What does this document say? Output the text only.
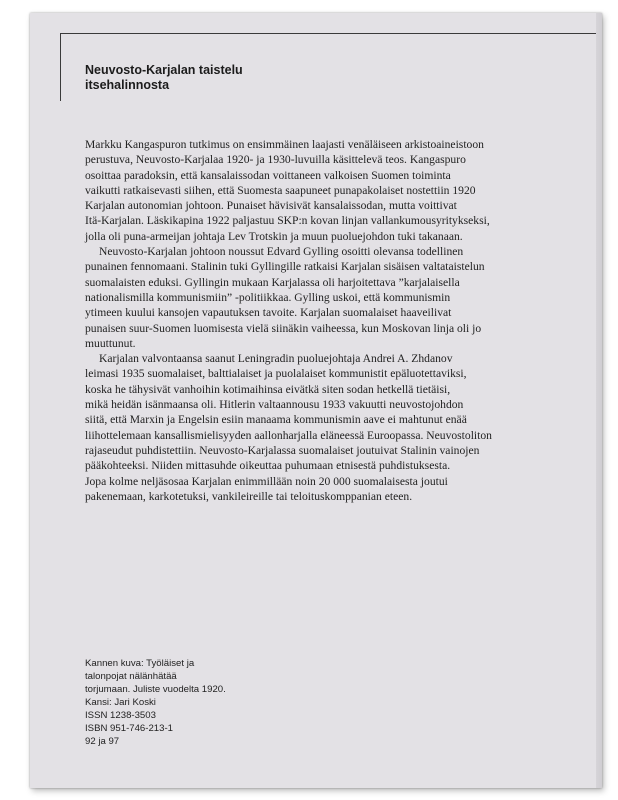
Neuvosto-Karjalan taistelu
itsehalinnosta

Markku Kangaspuron tutkimus on ensimmäinen laajasti venäläiseen arkistoaineistoon
perustuva, Neuvosto-Karjalaa 1920- ja 1930-luvuilla käsittelevä teos. Kangaspuro
osoittaa paradoksin, että kansalaissodan voittaneen valkoisen Suomen toiminta
vaikutti ratkaisevasti siihen, että Suomesta saapuneet punapakolaiset nostettiin 1920
Karjalan autonomian johtoon. Punaiset hävisivät kansalaissodan, mutta voittivat
Itä-Karjalan. Läskikapina 1922 paljastuu SKP:n kovan linjan vallankumousyritykseksi,
jolla oli puna-armeijan johtaja Lev Trotskin ja muun puoluejohdon tuki takanaan.

Neuvosto-Karjalan johtoon noussut Edvard Gylling osoitti olevansa todellinen
punainen fennomaani. Stalinin tuki Gyllingille ratkaisi Karjalan sisäisen valtataistelun
suomalaisten eduksi. Gyllingin mukaan Karjalassa oli harjoitettava ”karjalaisella
nationalismilla kommunismiin” -politiikkaa. Gylling uskoi, että kommunismin
ytimeen kuului kansojen vapautuksen tavoite. Karjalan suomalaiset haaveilivat
punaisen suur-Suomen luomisesta vielä siinäkin vaiheessa, kun Moskovan linja oli jo
muuttunut.

Karjalan valvontaansa saanut Leningradin puoluejohtaja Andrei A. Zhdanov
leimasi 1935 suomalaiset, balttialaiset ja puolalaiset kommunistit epäluotettaviksi,
koska he tähysivät vanhoihin kotimaihinsa eivätkä siten sodan hetkellä tietäisi,
mikä heidän isänmaansa oli. Hitlerin valtaannousu 1933 vakuutti neuvostojohdon
siitä, että Marxin ja Engelsin esiin manaama kommunismin aave ei mahtunut enää
liihottelemaan kansallismielisyyden aallonharjalla eläneessä Euroopassa. Neuvostoliton
rajaseudut puhdistettiin. Neuvosto-Karjalassa suomalaiset joutuivat Stalinin vainojen
pääkohteeksi. Niiden mittasuhde oikeuttaa puhumaan etnisestä puhdistuksesta.
Jopa kolme neljäsosaa Karjalan enimmillään noin 20 000 suomalaisesta joutui
pakenemaan, karkotetuksi, vankileireille tai teloituskomppanian eteen.

Kannen kuva: Työläiset ja
talonpojat nälänhätää
torjumaan. Juliste vuodelta 1920.
Kansi: Jari Koski
ISSN 1238-3503
ISBN 951-746-213-1
92 ja 97
